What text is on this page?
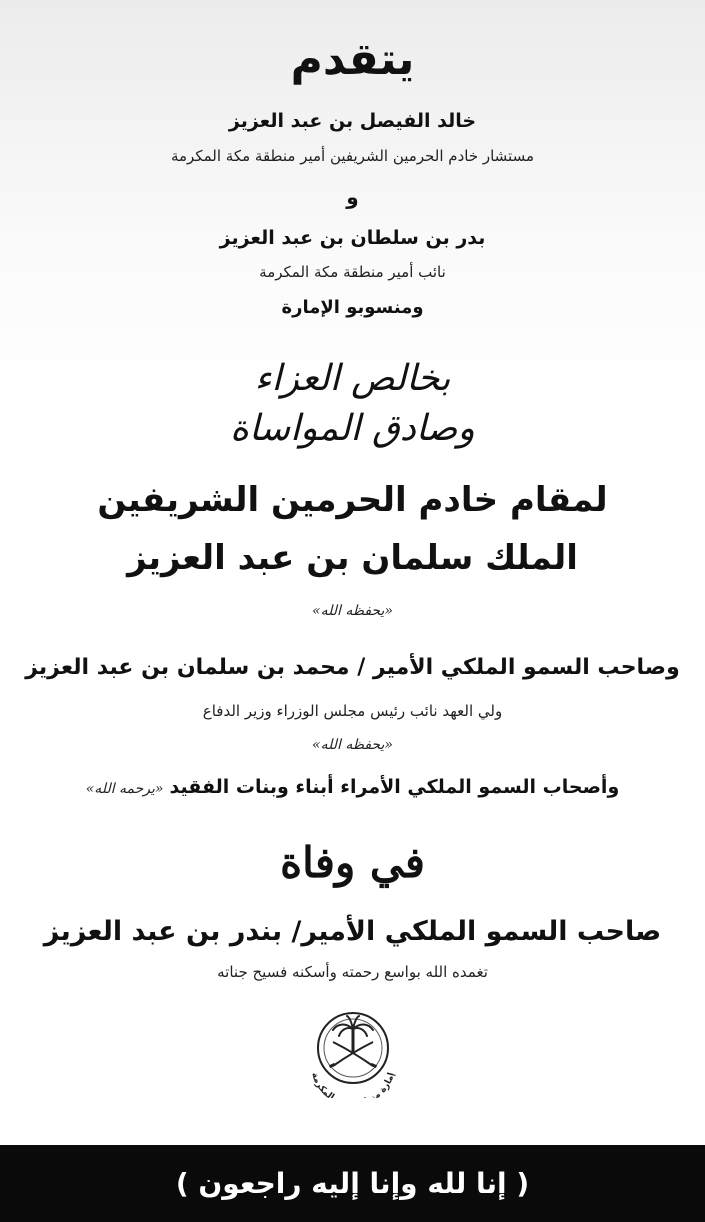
يتقدم
خالد الفيصل بن عبد العزيز
مستشار خادم الحرمين الشريفين أمير منطقة مكة المكرمة
و
بدر بن سلطان بن عبد العزيز
نائب أمير منطقة مكة المكرمة
ومنسوبو الإمارة
بخالص العزاء
وصادق المواساة
لمقام خادم الحرمين الشريفين
الملك سلمان بن عبد العزيز
«يحفظه الله»
وصاحب السمو الملكي الأمير / محمد بن سلمان بن عبد العزيز
ولي العهد نائب رئيس مجلس الوزراء وزير الدفاع
«يحفظه الله»
وأصحاب السمو الملكي الأمراء أبناء وبنات الفقيد «يرحمه الله»
في وفاة
صاحب السمو الملكي الأمير/ بندر بن عبد العزيز
تغمده الله بواسع رحمته وأسكنه فسيح جناته
إمارة م المكرمة
( إنا لله وإنا إليه راجعون )
